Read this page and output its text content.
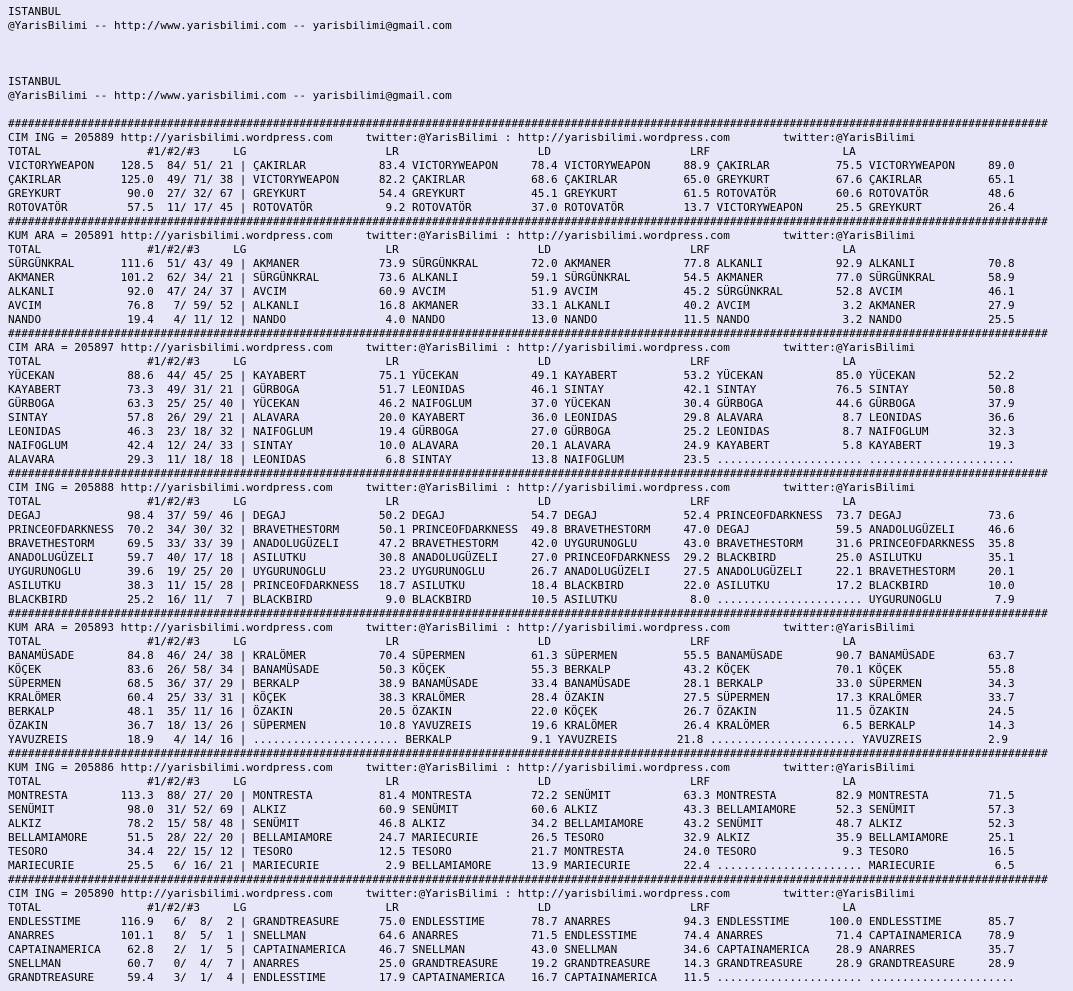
ISTANBUL
@YarisBilimi -- http://www.yarisbilimi.com -- yarisbilimi@gmail.com
ISTANBUL
@YarisBilimi -- http://www.yarisbilimi.com -- yarisbilimi@gmail.com
#############################################################################################################################################################
CIM ING = 205889 http://yarisbilimi.wordpress.com     twitter:@YarisBilimi : http://yarisbilimi.wordpress.com        twitter:@YarisBilimi
TOTAL                #1/#2/#3     LG                     LR                     LD                     LRF                    LA
VICTORYWEAPON    128.5  84/ 51/ 21 | ÇAKIRLAR           83.4 VICTORYWEAPON     78.4 VICTORYWEAPON     88.9 ÇAKIRLAR          75.5 VICTORYWEAPON     89.0
ÇAKIRLAR         125.0  49/ 71/ 38 | VICTORYWEAPON      82.2 ÇAKIRLAR          68.6 ÇAKIRLAR          65.0 GREYKURT          67.6 ÇAKIRLAR          65.1
GREYKURT          90.0  27/ 32/ 67 | GREYKURT           54.4 GREYKURT          45.1 GREYKURT          61.5 ROTOVATÖR         60.6 ROTOVATÖR         48.6
ROTOVATÖR         57.5  11/ 17/ 45 | ROTOVATÖR           9.2 ROTOVATÖR         37.0 ROTOVATÖR         13.7 VICTORYWEAPON     25.5 GREYKURT          26.4
#############################################################################################################################################################
KUM ARA = 205891 http://yarisbilimi.wordpress.com     twitter:@YarisBilimi : http://yarisbilimi.wordpress.com        twitter:@YarisBilimi
TOTAL                #1/#2/#3     LG                     LR                     LD                     LRF                    LA
SÜRGÜNKRAL       111.6  51/ 43/ 49 | AKMANER            73.9 SÜRGÜNKRAL        72.0 AKMANER           77.8 ALKANLI           92.9 ALKANLI           70.8
AKMANER          101.2  62/ 34/ 21 | SÜRGÜNKRAL         73.6 ALKANLI           59.1 SÜRGÜNKRAL        54.5 AKMANER           77.0 SÜRGÜNKRAL        58.9
ALKANLI           92.0  47/ 24/ 37 | AVCIM              60.9 AVCIM             51.9 AVCIM             45.2 SÜRGÜNKRAL        52.8 AVCIM             46.1
AVCIM             76.8   7/ 59/ 52 | ALKANLI            16.8 AKMANER           33.1 ALKANLI           40.2 AVCIM              3.2 AKMANER           27.9
NANDO             19.4   4/ 11/ 12 | NANDO               4.0 NANDO             13.0 NANDO             11.5 NANDO              3.2 NANDO             25.5
#############################################################################################################################################################
CIM ARA = 205897 http://yarisbilimi.wordpress.com     twitter:@YarisBilimi : http://yarisbilimi.wordpress.com        twitter:@YarisBilimi
TOTAL                #1/#2/#3     LG                     LR                     LD                     LRF                    LA
YÜCEKAN           88.6  44/ 45/ 25 | KAYABERT           75.1 YÜCEKAN           49.1 KAYABERT          53.2 YÜCEKAN           85.0 YÜCEKAN           52.2
KAYABERT          73.3  49/ 31/ 21 | GÜRBOGA            51.7 LEONIDAS          46.1 SINTAY            42.1 SINTAY            76.5 SINTAY            50.8
GÜRBOGA           63.3  25/ 25/ 40 | YÜCEKAN            46.2 NAIFOGLUM         37.0 YÜCEKAN           30.4 GÜRBOGA           44.6 GÜRBOGA           37.9
SINTAY            57.8  26/ 29/ 21 | ALAVARA            20.0 KAYABERT          36.0 LEONIDAS          29.8 ALAVARA            8.7 LEONIDAS          36.6
LEONIDAS          46.3  23/ 18/ 32 | NAIFOGLUM          19.4 GÜRBOGA           27.0 GÜRBOGA           25.2 LEONIDAS           8.7 NAIFOGLUM         32.3
NAIFOGLUM         42.4  12/ 24/ 33 | SINTAY             10.0 ALAVARA           20.1 ALAVARA           24.9 KAYABERT           5.8 KAYABERT          19.3
ALAVARA           29.3  11/ 18/ 18 | LEONIDAS            6.8 SINTAY            13.8 NAIFOGLUM         23.5 ...................... ......................
#############################################################################################################################################################
CIM ING = 205888 http://yarisbilimi.wordpress.com     twitter:@YarisBilimi : http://yarisbilimi.wordpress.com        twitter:@YarisBilimi
TOTAL                #1/#2/#3     LG                     LR                     LD                     LRF                    LA
DEGAJ             98.4  37/ 59/ 46 | DEGAJ              50.2 DEGAJ             54.7 DEGAJ             52.4 PRINCEOFDARKNESS  73.7 DEGAJ             73.6
PRINCEOFDARKNESS  70.2  34/ 30/ 32 | BRAVETHESTORM      50.1 PRINCEOFDARKNESS  49.8 BRAVETHESTORM     47.0 DEGAJ             59.5 ANADOLUGÜZELI     46.6
BRAVETHESTORM     69.5  33/ 33/ 39 | ANADOLUGÜZELI      47.2 BRAVETHESTORM     42.0 UYGURUNOGLU       43.0 BRAVETHESTORM     31.6 PRINCEOFDARKNESS  35.8
ANADOLUGÜZELI     59.7  40/ 17/ 18 | ASILUTKU           30.8 ANADOLUGÜZELI     27.0 PRINCEOFDARKNESS  29.2 BLACKBIRD         25.0 ASILUTKU          35.1
UYGURUNOGLU       39.6  19/ 25/ 20 | UYGURUNOGLU        23.2 UYGURUNOGLU       26.7 ANADOLUGÜZELI     27.5 ANADOLUGÜZELI     22.1 BRAVETHESTORM     20.1
ASILUTKU          38.3  11/ 15/ 28 | PRINCEOFDARKNESS   18.7 ASILUTKU          18.4 BLACKBIRD         22.0 ASILUTKU          17.2 BLACKBIRD         10.0
BLACKBIRD         25.2  16/ 11/  7 | BLACKBIRD           9.0 BLACKBIRD         10.5 ASILUTKU           8.0 ...................... UYGURUNOGLU        7.9
#############################################################################################################################################################
KUM ARA = 205893 http://yarisbilimi.wordpress.com     twitter:@YarisBilimi : http://yarisbilimi.wordpress.com        twitter:@YarisBilimi
TOTAL                #1/#2/#3     LG                     LR                     LD                     LRF                    LA
BANAMÜSADE        84.8  46/ 24/ 38 | KRALÖMER           70.4 SÜPERMEN          61.3 SÜPERMEN          55.5 BANAMÜSADE        90.7 BANAMÜSADE        63.7
KÖÇEK             83.6  26/ 58/ 34 | BANAMÜSADE         50.3 KÖÇEK             55.3 BERKALP           43.2 KÖÇEK             70.1 KÖÇEK             55.8
SÜPERMEN          68.5  36/ 37/ 29 | BERKALP            38.9 BANAMÜSADE        33.4 BANAMÜSADE        28.1 BERKALP           33.0 SÜPERMEN          34.3
KRALÖMER          60.4  25/ 33/ 31 | KÖÇEK              38.3 KRALÖMER          28.4 ÖZAKIN            27.5 SÜPERMEN          17.3 KRALÖMER          33.7
BERKALP           48.1  35/ 11/ 16 | ÖZAKIN             20.5 ÖZAKIN            22.0 KÖÇEK             26.7 ÖZAKIN            11.5 ÖZAKIN            24.5
ÖZAKIN            36.7  18/ 13/ 26 | SÜPERMEN           10.8 YAVUZREIS         19.6 KRALÖMER          26.4 KRALÖMER           6.5 BERKALP           14.3
YAVUZREIS         18.9   4/ 14/ 16 | ...................... BERKALP            9.1 YAVUZREIS         21.8 ...................... YAVUZREIS          2.9
#############################################################################################################################################################
KUM ING = 205886 http://yarisbilimi.wordpress.com     twitter:@YarisBilimi : http://yarisbilimi.wordpress.com        twitter:@YarisBilimi
TOTAL                #1/#2/#3     LG                     LR                     LD                     LRF                    LA
MONTRESTA        113.3  88/ 27/ 20 | MONTRESTA          81.4 MONTRESTA         72.2 SENÜMIT           63.3 MONTRESTA         82.9 MONTRESTA         71.5
SENÜMIT           98.0  31/ 52/ 69 | ALKIZ              60.9 SENÜMIT           60.6 ALKIZ             43.3 BELLAMIAMORE      52.3 SENÜMIT           57.3
ALKIZ             78.2  15/ 58/ 48 | SENÜMIT            46.8 ALKIZ             34.2 BELLAMIAMORE      43.2 SENÜMIT           48.7 ALKIZ             52.3
BELLAMIAMORE      51.5  28/ 22/ 20 | BELLAMIAMORE       24.7 MARIECURIE        26.5 TESORO            32.9 ALKIZ             35.9 BELLAMIAMORE      25.1
TESORO            34.4  22/ 15/ 12 | TESORO             12.5 TESORO            21.7 MONTRESTA         24.0 TESORO             9.3 TESORO            16.5
MARIECURIE        25.5   6/ 16/ 21 | MARIECURIE          2.9 BELLAMIAMORE      13.9 MARIECURIE        22.4 ...................... MARIECURIE         6.5
#############################################################################################################################################################
CIM ING = 205890 http://yarisbilimi.wordpress.com     twitter:@YarisBilimi : http://yarisbilimi.wordpress.com        twitter:@YarisBilimi
TOTAL                #1/#2/#3     LG                     LR                     LD                     LRF                    LA
ENDLESSTIME      116.9   6/  8/  2 | GRANDTREASURE      75.0 ENDLESSTIME       78.7 ANARRES           94.3 ENDLESSTIME      100.0 ENDLESSTIME       85.7
ANARRES          101.1   8/  5/  1 | SNELLMAN           64.6 ANARRES           71.5 ENDLESSTIME       74.4 ANARRES           71.4 CAPTAINAMERICA    78.9
CAPTAINAMERICA    62.8   2/  1/  5 | CAPTAINAMERICA     46.7 SNELLMAN          43.0 SNELLMAN          34.6 CAPTAINAMERICA    28.9 ANARRES           35.7
SNELLMAN          60.7   0/  4/  7 | ANARRES            25.0 GRANDTREASURE     19.2 GRANDTREASURE     14.3 GRANDTREASURE     28.9 GRANDTREASURE     28.9
GRANDTREASURE     59.4   3/  1/  4 | ENDLESSTIME        17.9 CAPTAINAMERICA    16.7 CAPTAINAMERICA    11.5 ...................... ......................
